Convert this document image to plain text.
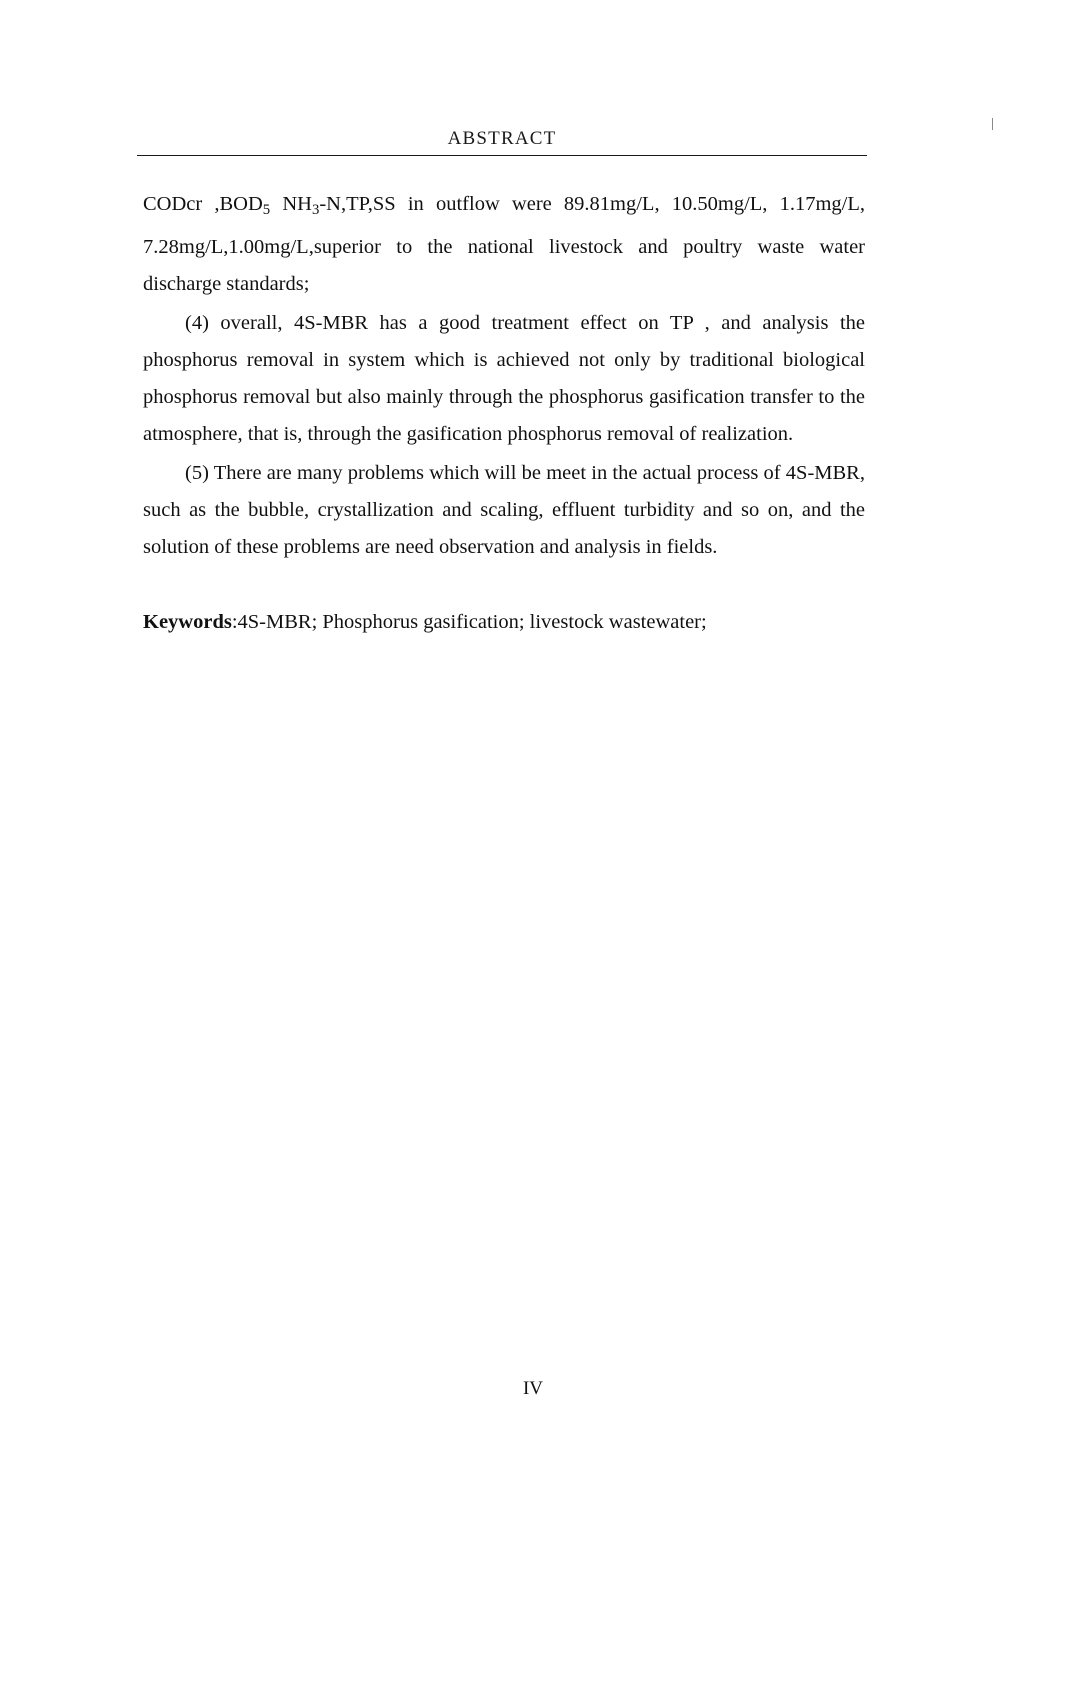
ABSTRACT

CODcr $,BOD_5$ $NH_3-N,TP,SS$ in outflow were 89.81mg/L, 10.50mg/L, 1.17mg/L, 7.28mg/L,1.00mg/L,superior to the national livestock and poultry waste water discharge standards;

(4) overall, 4S-MBR has a good treatment effect on TP , and analysis the phosphorus removal in system which is achieved not only by traditional biological phosphorus removal but also mainly through the phosphorus gasification transfer to the atmosphere, that is, through the gasification phosphorus removal of realization.

(5) There are many problems which will be meet in the actual process of 4S-MBR, such as the bubble, crystallization and scaling, effluent turbidity and so on, and the solution of these problems are need observation and analysis in fields.

Keywords:4S-MBR; Phosphorus gasification; livestock wastewater;
IV
